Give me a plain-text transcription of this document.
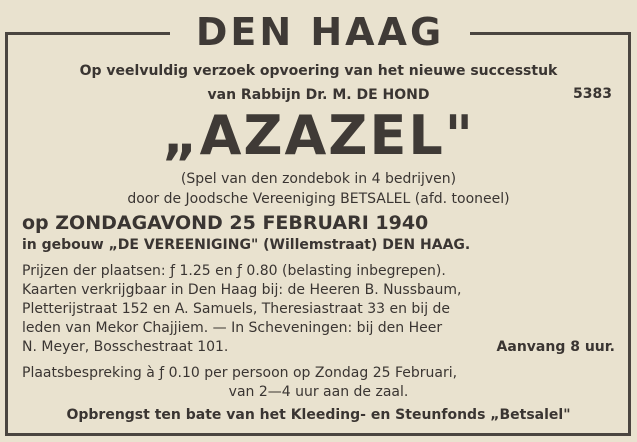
DEN HAAG
Op veelvuldig verzoek opvoering van het nieuwe successtuk
van Rabbijn Dr. M. DE HOND	5383
„AZAZEL"
(Spel van den zondebok in 4 bedrijven)
door de Joodsche Vereeniging BETSALEL (afd. tooneel)
op ZONDAGAVOND 25 FEBRUARI 1940
in gebouw „DE VEREENIGING" (Willemstraat) DEN HAAG.
Prijzen der plaatsen: ƒ 1.25 en ƒ 0.80 (belasting inbegrepen).
Kaarten verkrijgbaar in Den Haag bij: de Heeren B. Nussbaum,
Pletterijstraat 152 en A. Samuels, Theresiastraat 33 en bij de
leden van Mekor Chajjiem. — In Scheveningen: bij den Heer
N. Meyer, Bosschestraat 101.	Aanvang 8 uur.
Plaatsbespreking à ƒ 0.10 per persoon op Zondag 25 Februari,
van 2—4 uur aan de zaal.
Opbrengst ten bate van het Kleeding- en Steunfonds „Betsalel"
